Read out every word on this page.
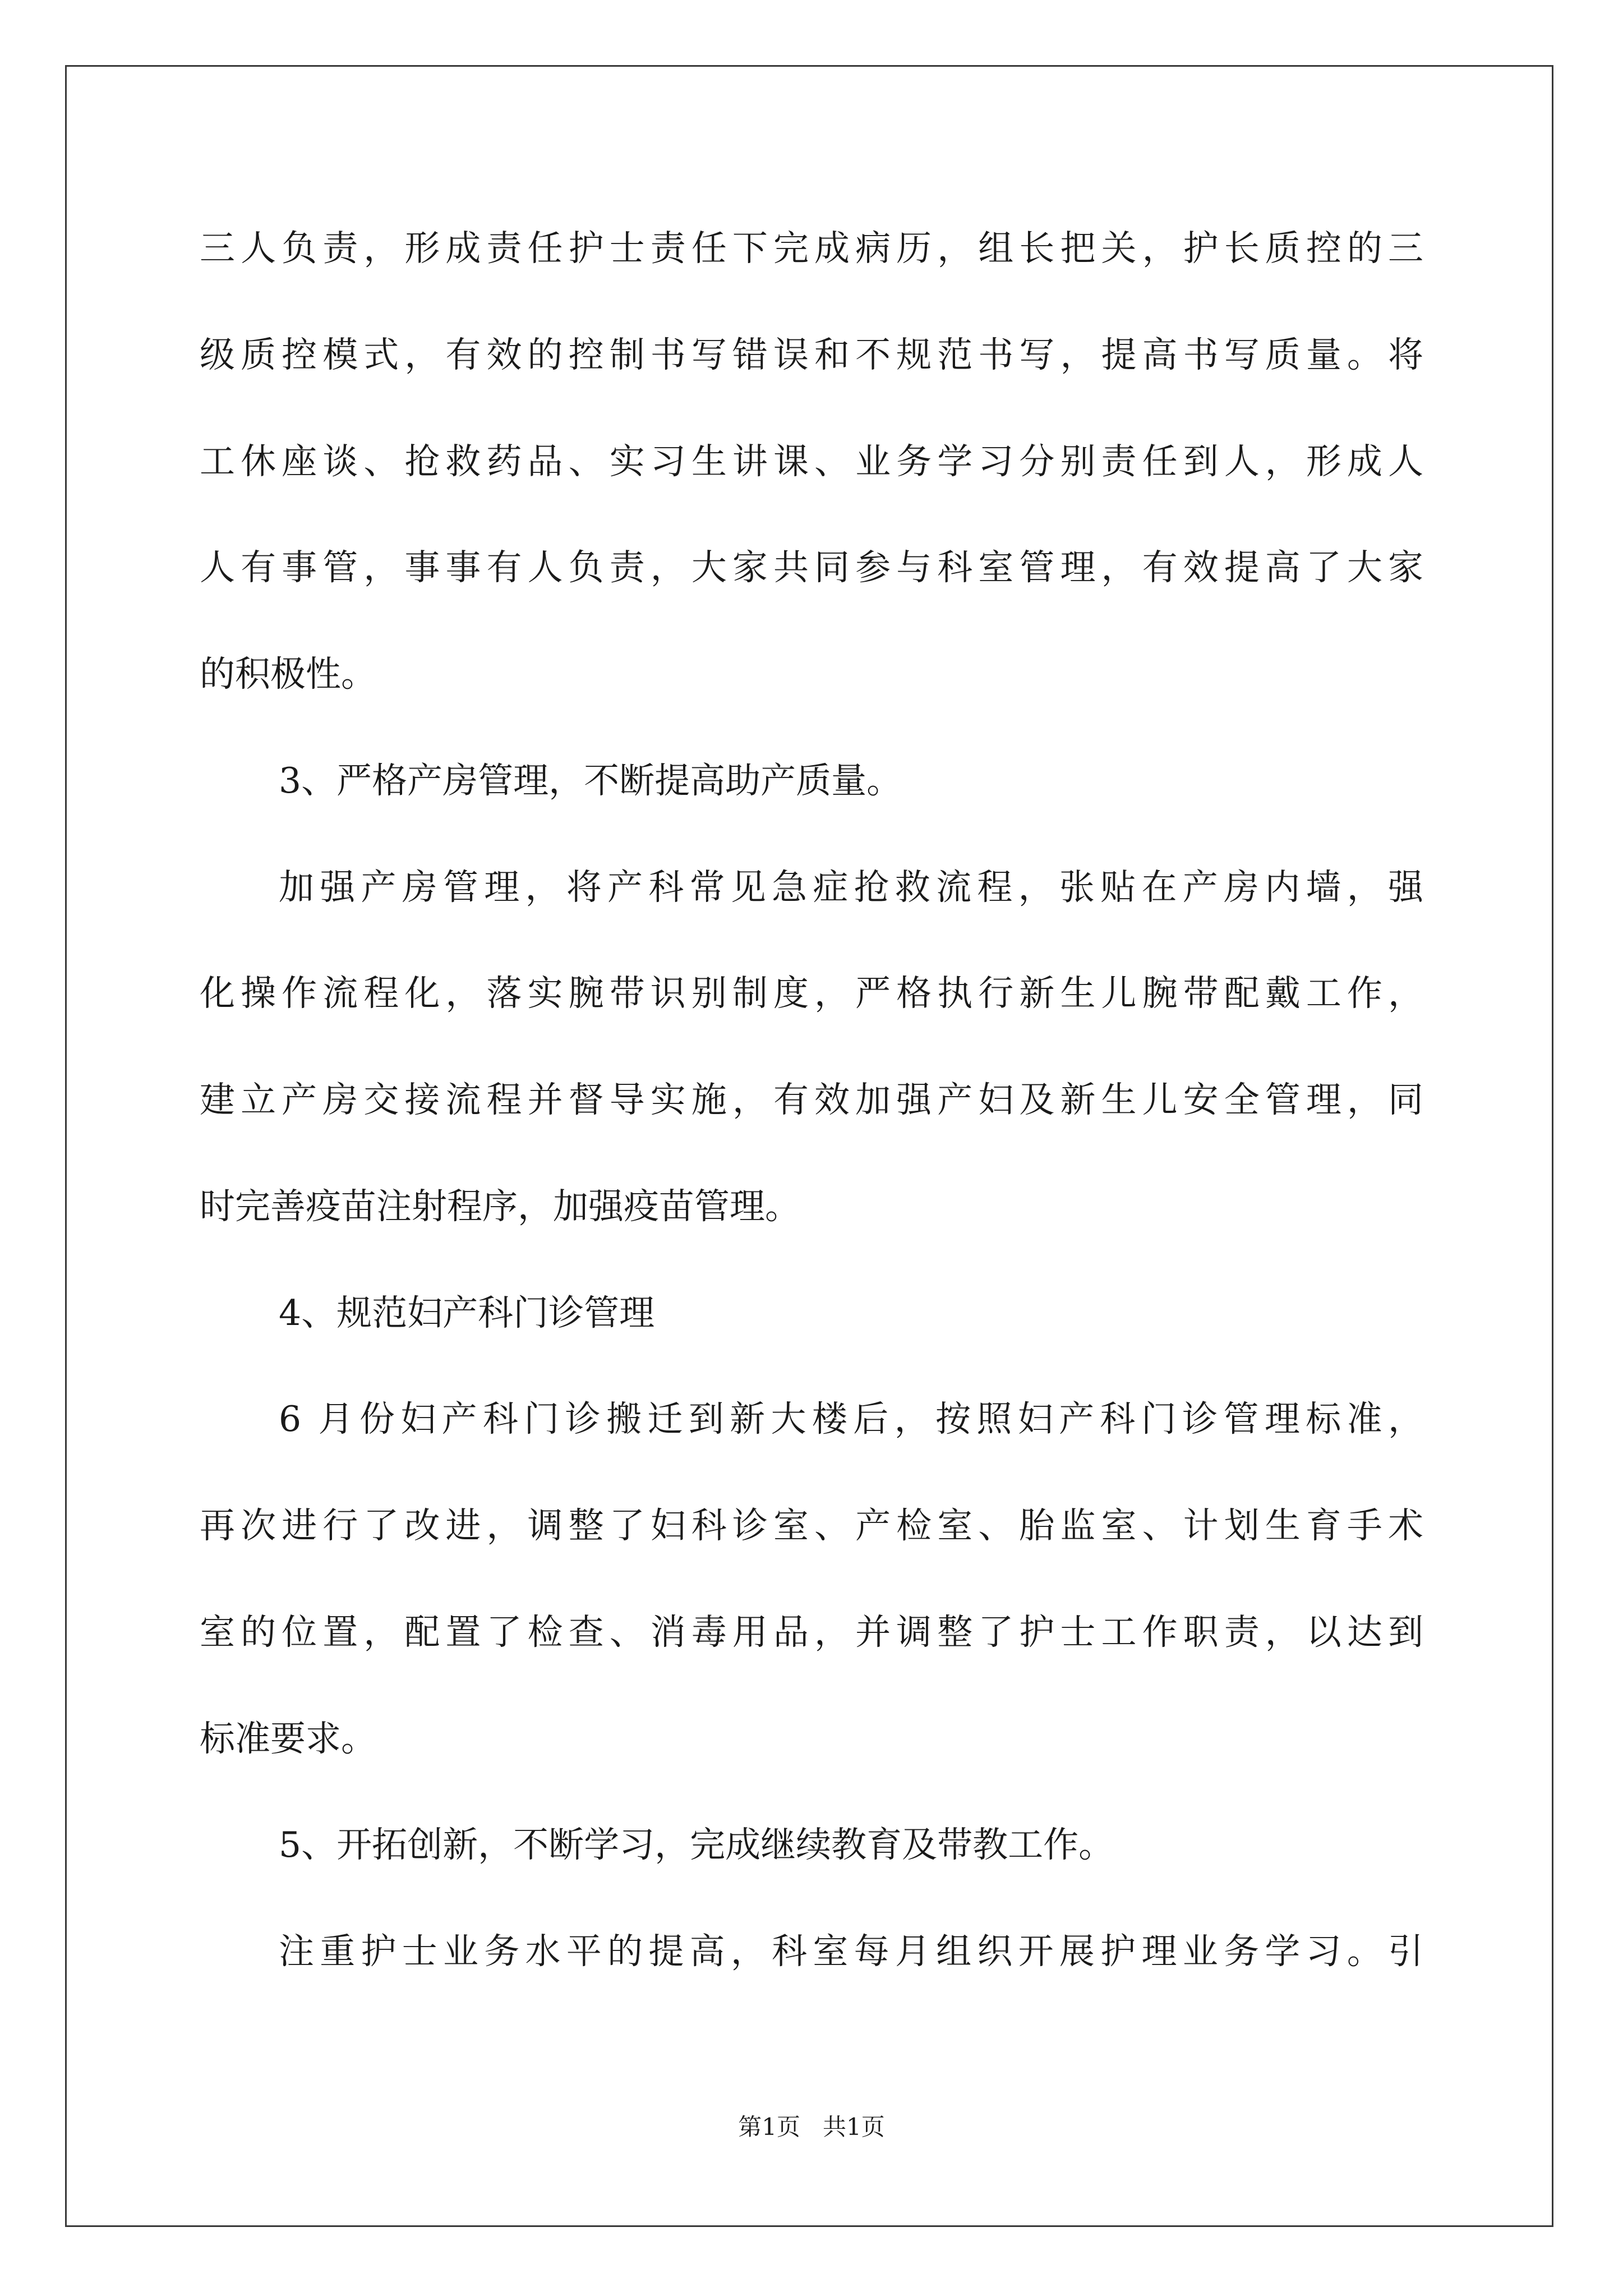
三人负责，形成责任护士责任下完成病历，组长把关，护长质控的三
级质控模式，有效的控制书写错误和不规范书写，提高书写质量。将
工休座谈、抢救药品、实习生讲课、业务学习分别责任到人，形成人
人有事管，事事有人负责，大家共同参与科室管理，有效提高了大家
的积极性。
3、严格产房管理，不断提高助产质量。
加强产房管理，将产科常见急症抢救流程，张贴在产房内墙，强
化操作流程化，落实腕带识别制度，严格执行新生儿腕带配戴工作，
建立产房交接流程并督导实施，有效加强产妇及新生儿安全管理，同
时完善疫苗注射程序，加强疫苗管理。
4、规范妇产科门诊管理
6 月份妇产科门诊搬迁到新大楼后，按照妇产科门诊管理标准，
再次进行了改进，调整了妇科诊室、产检室、胎监室、计划生育手术
室的位置，配置了检查、消毒用品，并调整了护士工作职责，以达到
标准要求。
5、开拓创新，不断学习，完成继续教育及带教工作。
注重护士业务水平的提高，科室每月组织开展护理业务学习。引
第1页   共1页
